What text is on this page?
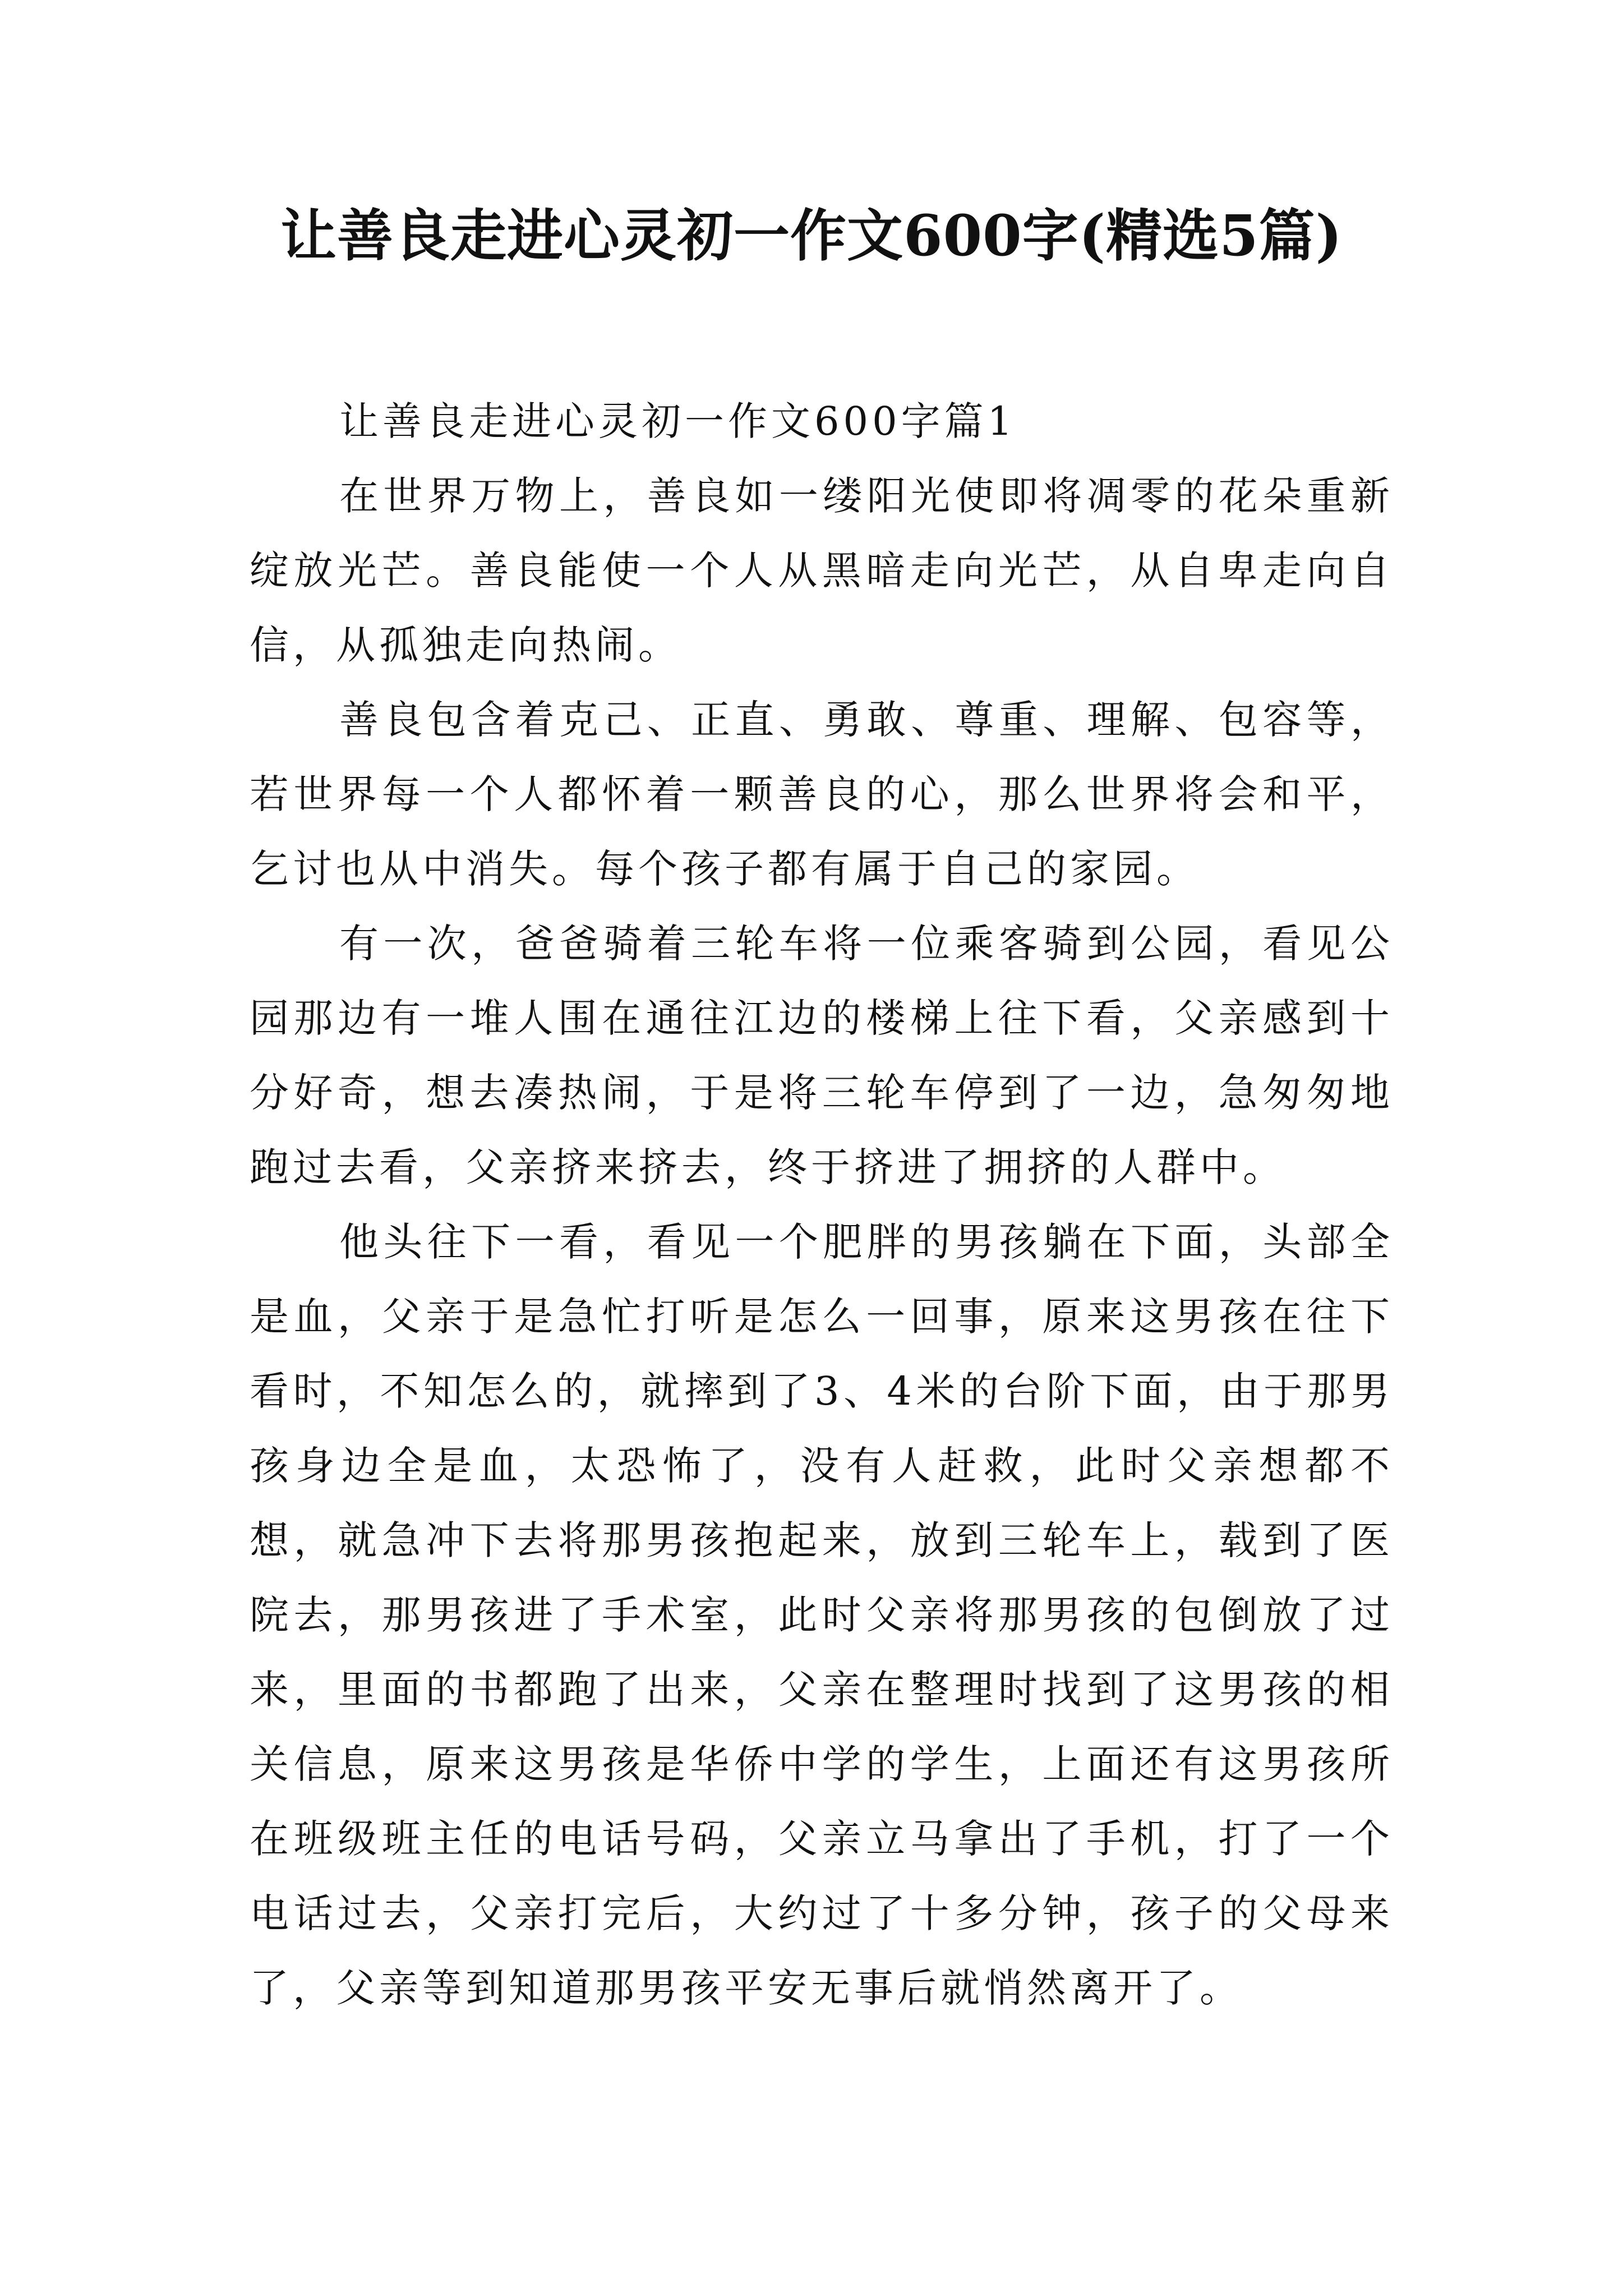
让善良走进心灵初一作文600字(精选5篇)

让善良走进心灵初一作文600字篇1

在世界万物上，善良如一缕阳光使即将凋零的花朵重新绽放光芒。善良能使一个人从黑暗走向光芒，从自卑走向自信，从孤独走向热闹。

善良包含着克己、正直、勇敢、尊重、理解、包容等，若世界每一个人都怀着一颗善良的心，那么世界将会和平，乞讨也从中消失。每个孩子都有属于自己的家园。

有一次，爸爸骑着三轮车将一位乘客骑到公园，看见公园那边有一堆人围在通往江边的楼梯上往下看，父亲感到十分好奇，想去凑热闹，于是将三轮车停到了一边，急匆匆地跑过去看，父亲挤来挤去，终于挤进了拥挤的人群中。

他头往下一看，看见一个肥胖的男孩躺在下面，头部全是血，父亲于是急忙打听是怎么一回事，原来这男孩在往下看时，不知怎么的，就摔到了3、4米的台阶下面，由于那男孩身边全是血，太恐怖了，没有人赶救，此时父亲想都不想，就急冲下去将那男孩抱起来，放到三轮车上，载到了医院去，那男孩进了手术室，此时父亲将那男孩的包倒放了过来，里面的书都跑了出来，父亲在整理时找到了这男孩的相关信息，原来这男孩是华侨中学的学生，上面还有这男孩所在班级班主任的电话号码，父亲立马拿出了手机，打了一个电话过去，父亲打完后，大约过了十多分钟，孩子的父母来了，父亲等到知道那男孩平安无事后就悄然离开了。
